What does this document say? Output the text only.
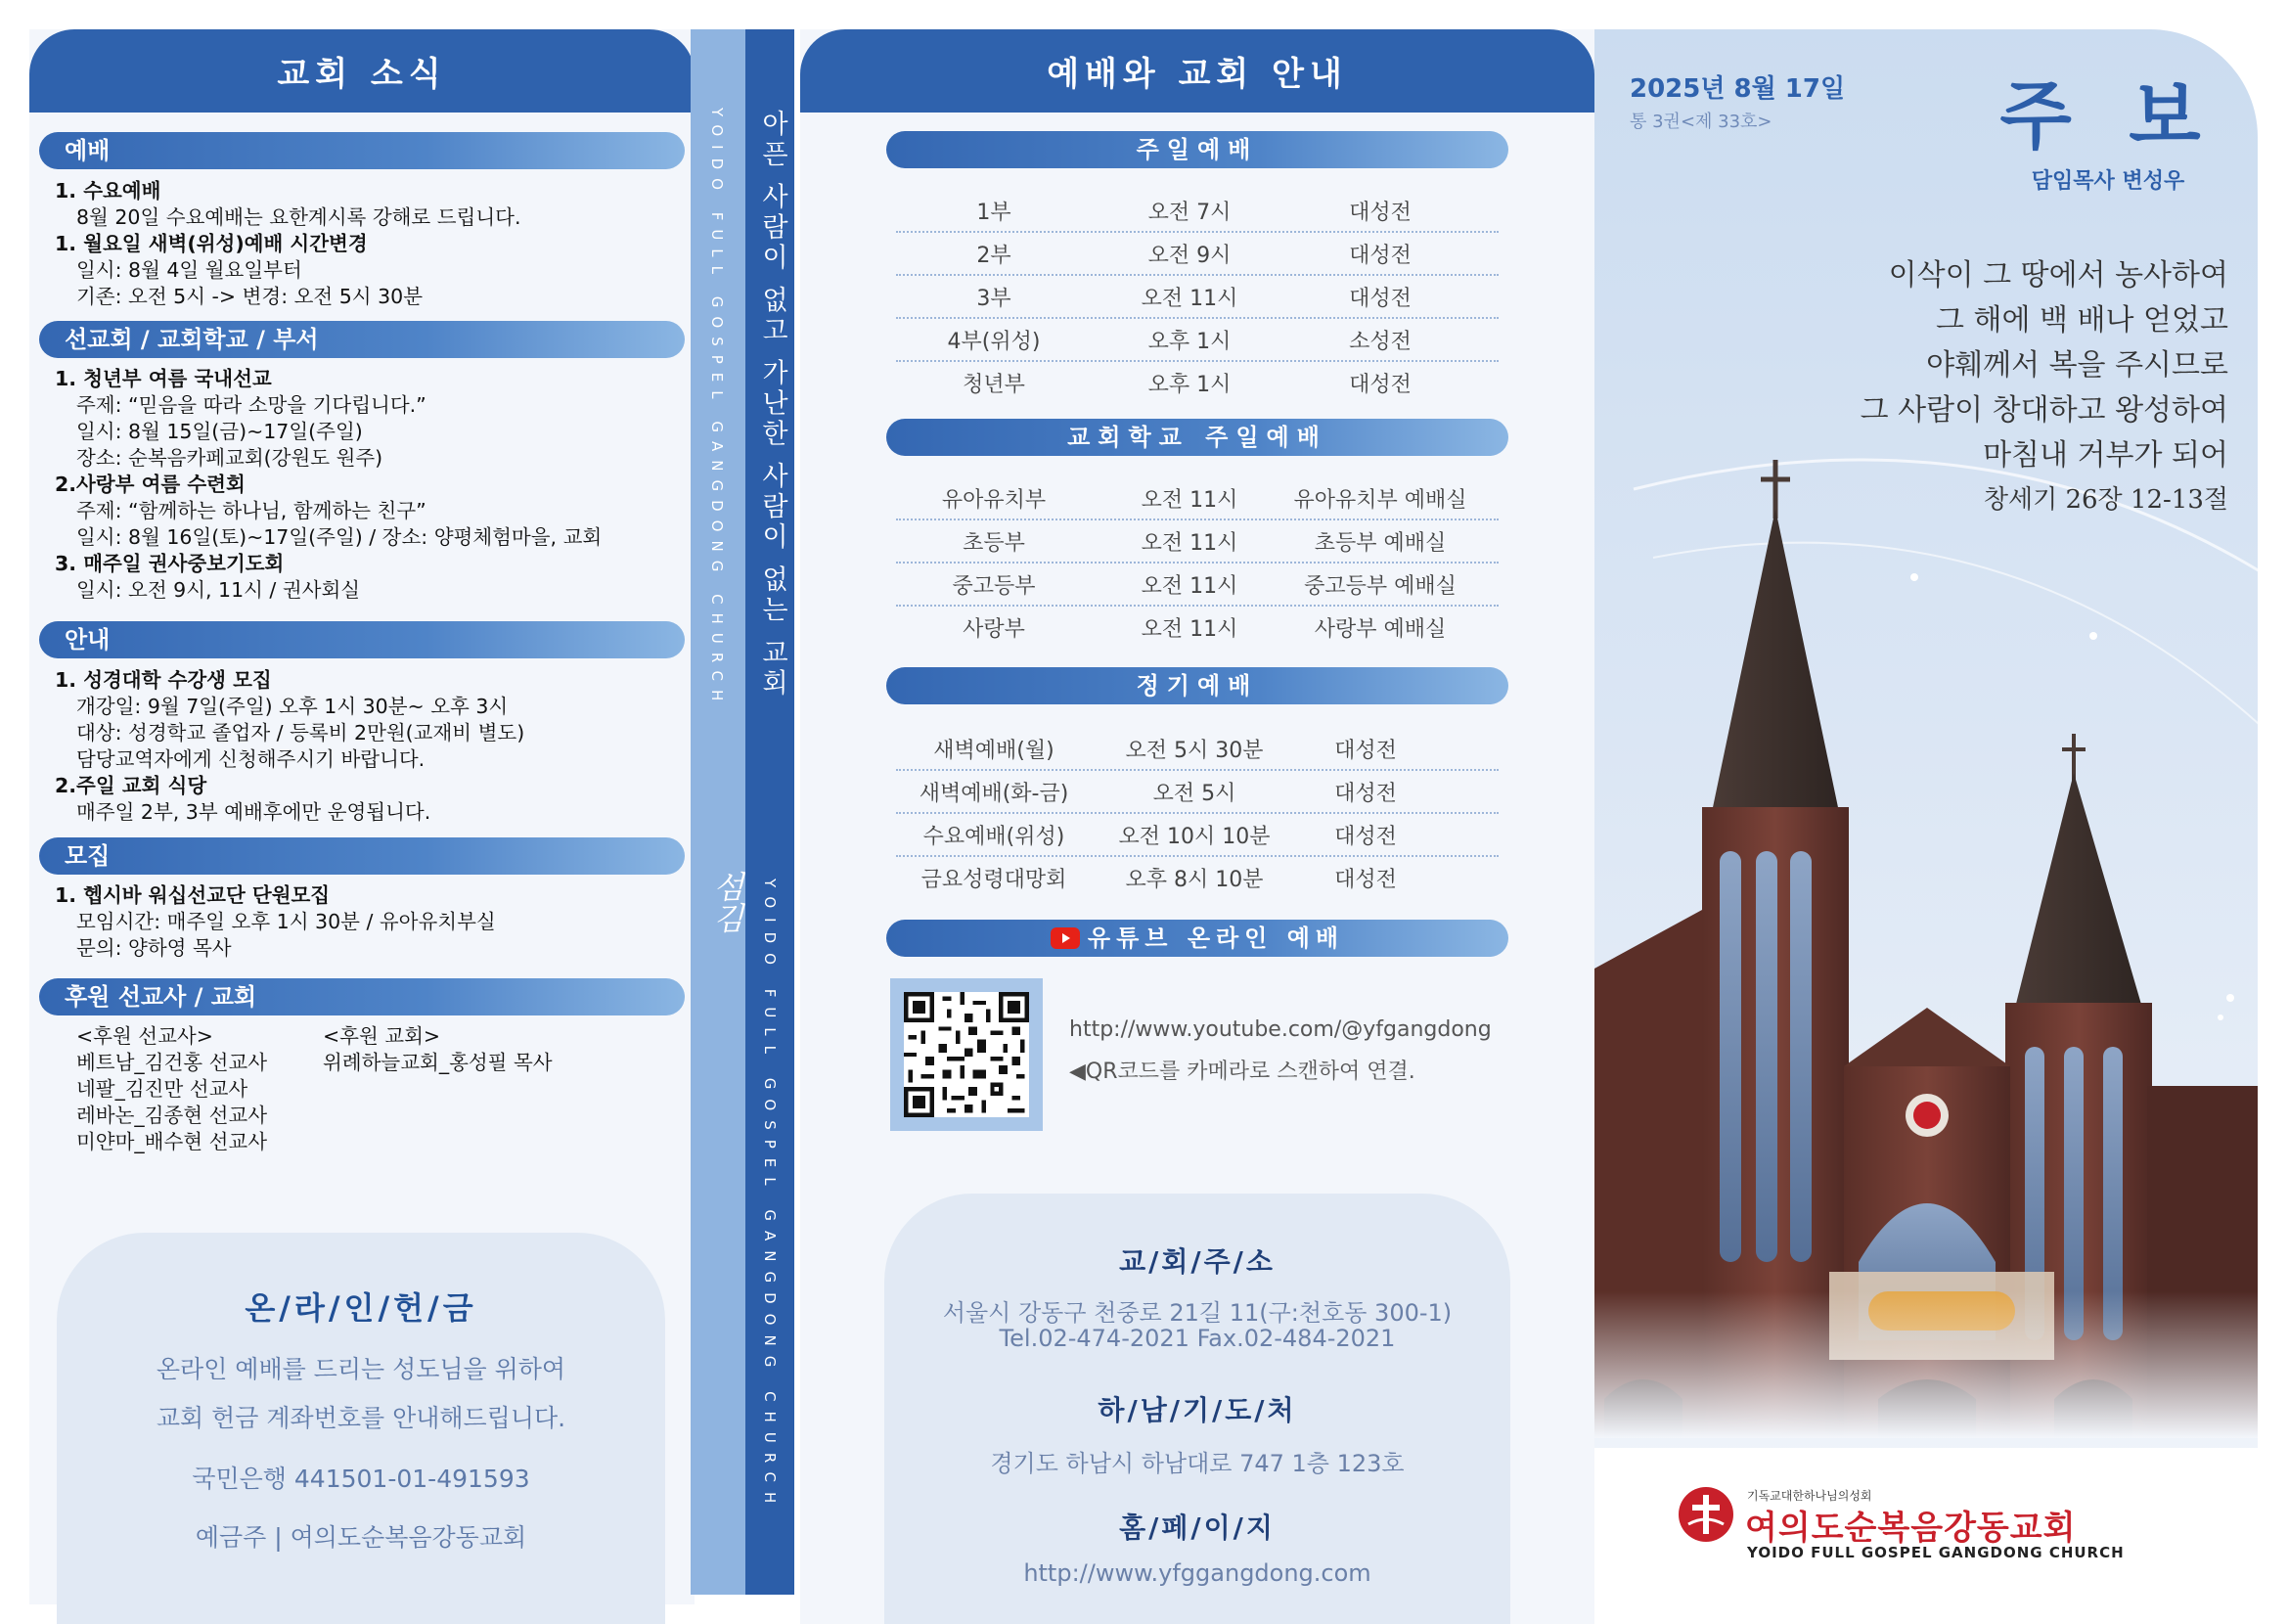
교회 소식
예배
1. 수요예배
8월 20일 수요예배는 요한계시록 강해로 드립니다.
1. 월요일 새벽(위성)예배 시간변경
일시: 8월 4일 월요일부터
기존: 오전 5시 -> 변경: 오전 5시 30분
선교회 / 교회학교 / 부서
1. 청년부 여름 국내선교
주제: “믿음을 따라 소망을 기다립니다.”
일시: 8월 15일(금)~17일(주일)
장소: 순복음카페교회(강원도 원주)
2.사랑부 여름 수련회
주제: “함께하는 하나님, 함께하는 친구”
일시: 8월 16일(토)~17일(주일) / 장소: 양평체험마을, 교회
3. 매주일 권사중보기도회
일시: 오전 9시, 11시 / 권사회실
안내
1. 성경대학 수강생 모집
개강일: 9월 7일(주일) 오후 1시 30분~ 오후 3시
대상: 성경학교 졸업자 / 등록비 2만원(교재비 별도)
담당교역자에게 신청해주시기 바랍니다.
2.주일 교회 식당
매주일 2부, 3부 예배후에만 운영됩니다.
모집
1. 헵시바 워십선교단 단원모집
모임시간: 매주일 오후 1시 30분 / 유아유치부실
문의: 양하영 목사
후원 선교사 / 교회
<후원 선교사>
베트남_김건홍 선교사
네팔_김진만 선교사
레바논_김종현 선교사
미얀마_배수현 선교사
<후원 교회>
위례하늘교회_홍성필 목사
온/라/인/헌/금
온라인 예배를 드리는 성도님을 위하여
교회 헌금 계좌번호를 안내해드립니다.
국민은행 441501-01-491593
예금주 | 여의도순복음강동교회
YOIDO FULL GOSPEL GANGDONG CHURCH
섬김
아픈 사람이 없고 가난한 사람이 없는 교회
YOIDO FULL GOSPEL GANGDONG CHURCH
예배와 교회 안내
주일예배
1부	오전 7시	대성전
2부	오전 9시	대성전
3부	오전 11시	대성전
4부(위성)	오후 1시	소성전
청년부	오후 1시	대성전
교회학교 주일예배
유아유치부	오전 11시	유아유치부 예배실
초등부	오전 11시	초등부 예배실
중고등부	오전 11시	중고등부 예배실
사랑부	오전 11시	사랑부 예배실
정기예배
새벽예배(월)	오전 5시 30분	대성전
새벽예배(화-금)	오전 5시	대성전
수요예배(위성)	오전 10시 10분	대성전
금요성령대망회	오후 8시 10분	대성전
유튜브 온라인 예배
http://www.youtube.com/@yfgangdong
◀QR코드를 카메라로 스캔하여 연결.
교/회/주/소
서울시 강동구 천중로 21길 11(구:천호동 300-1)
Tel.02-474-2021 Fax.02-484-2021
하/남/기/도/처
경기도 하남시 하남대로 747 1층 123호
홈/페/이/지
http://www.yfggangdong.com
2025년 8월 17일
통 3권<제 33호>	주 보
담임목사 변성우
이삭이 그 땅에서 농사하여
그 해에 백 배나 얻었고
야훼께서 복을 주시므로
그 사람이 창대하고 왕성하여
마침내 거부가 되어
창세기 26장 12-13절
기독교대한하나님의성회
여의도순복음강동교회
YOIDO FULL GOSPEL GANGDONG CHURCH
